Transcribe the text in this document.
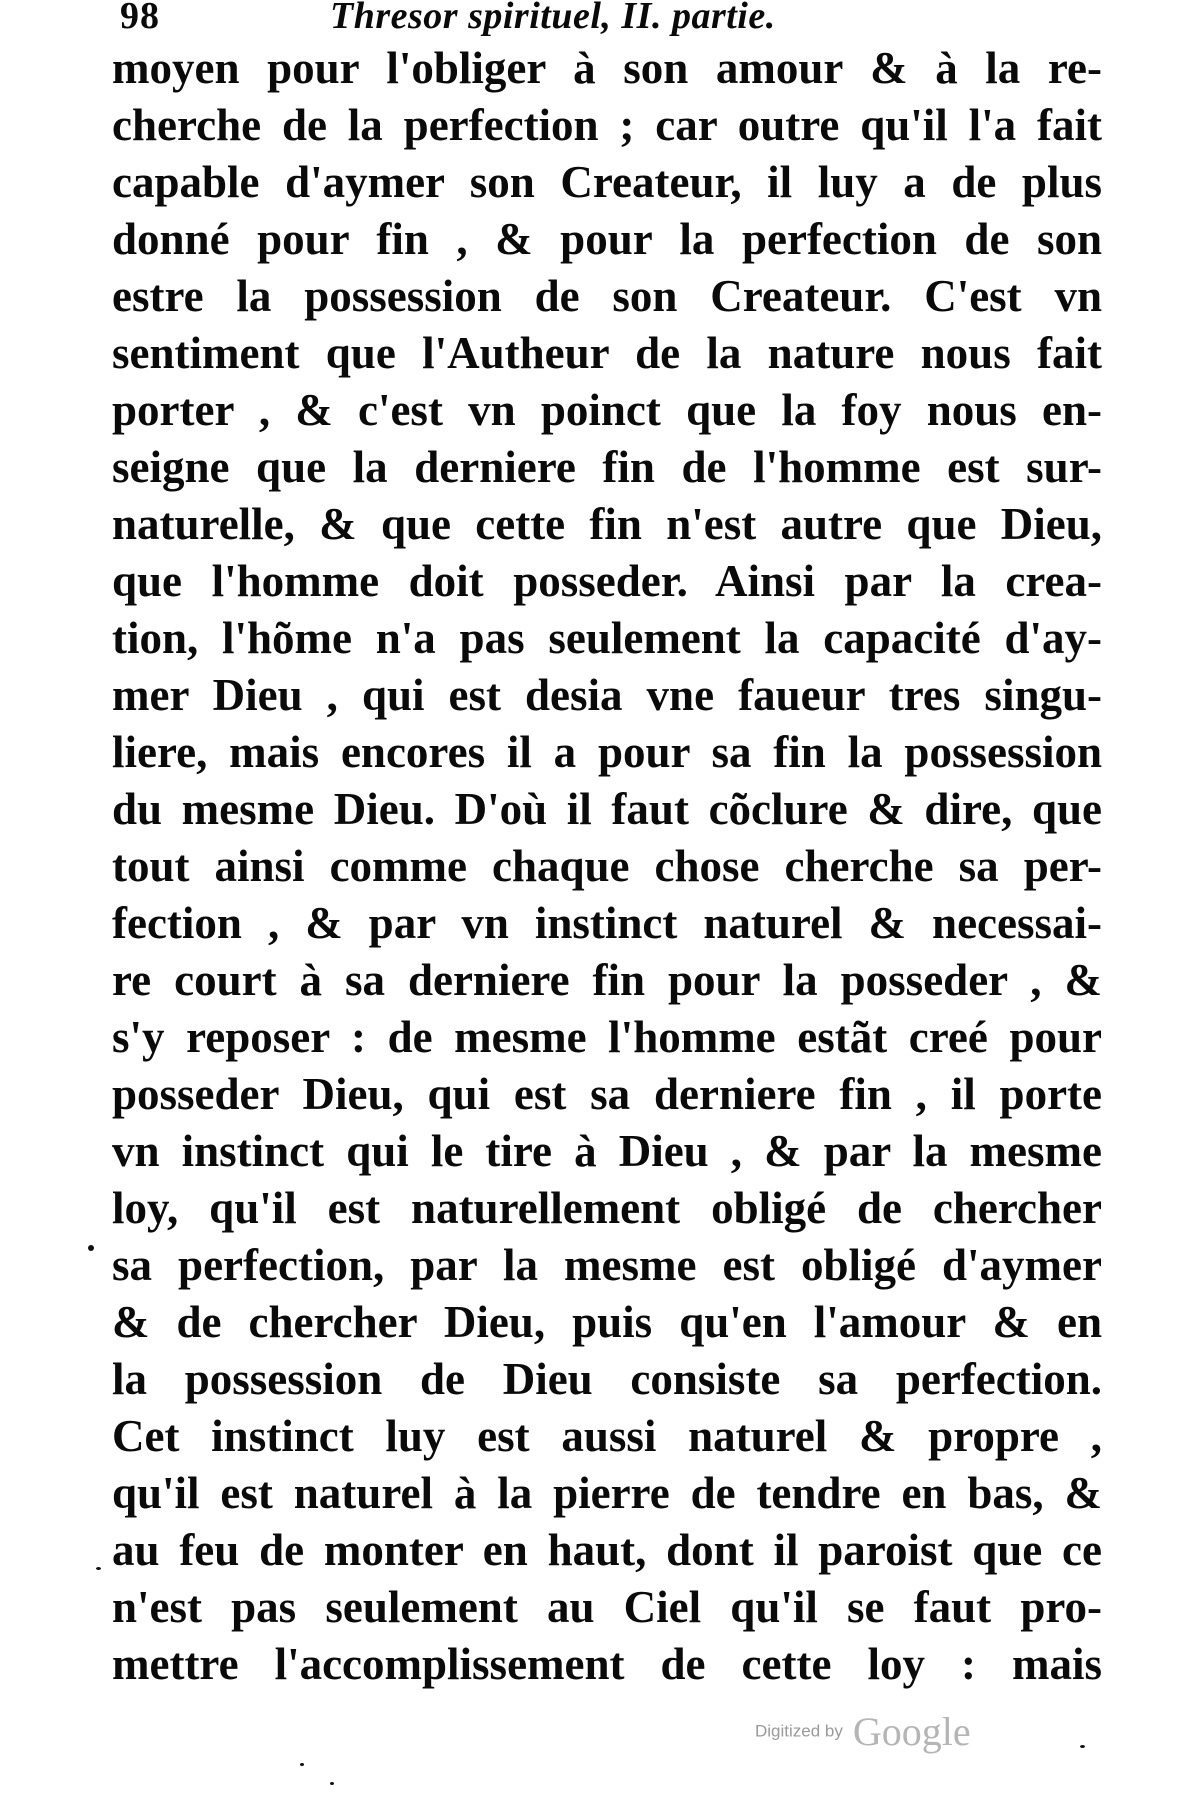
98	Thresor spirituel, II. partie.
moyen pour l'obliger à son amour & à la re-
cherche de la perfection ; car outre qu'il l'a fait
capable d'aymer son Createur, il luy a de plus
donné pour fin , & pour la perfection de son
estre la possession de son Createur. C'est vn
sentiment que l'Autheur de la nature nous fait
porter , & c'est vn poinct que la foy nous en-
seigne que la derniere fin de l'homme est sur-
naturelle, & que cette fin n'est autre que Dieu,
que l'homme doit posseder. Ainsi par la crea-
tion, l'hõme n'a pas seulement la capacité d'ay-
mer Dieu , qui est desia vne faueur tres singu-
liere, mais encores il a pour sa fin la possession
du mesme Dieu. D'où il faut cõclure & dire, que
tout ainsi comme chaque chose cherche sa per-
fection , & par vn instinct naturel & necessai-
re court à sa derniere fin pour la posseder , &
s'y reposer : de mesme l'homme estãt creé pour
posseder Dieu, qui est sa derniere fin , il porte
vn instinct qui le tire à Dieu , & par la mesme
loy, qu'il est naturellement obligé de chercher
sa perfection, par la mesme est obligé d'aymer
& de chercher Dieu, puis qu'en l'amour & en
la possession de Dieu consiste sa perfection.
Cet instinct luy est aussi naturel & propre ,
qu'il est naturel à la pierre de tendre en bas, &
au feu de monter en haut, dont il paroist que ce
n'est pas seulement au Ciel qu'il se faut pro-
mettre l'accomplissement de cette loy : mais
Digitized by Google
